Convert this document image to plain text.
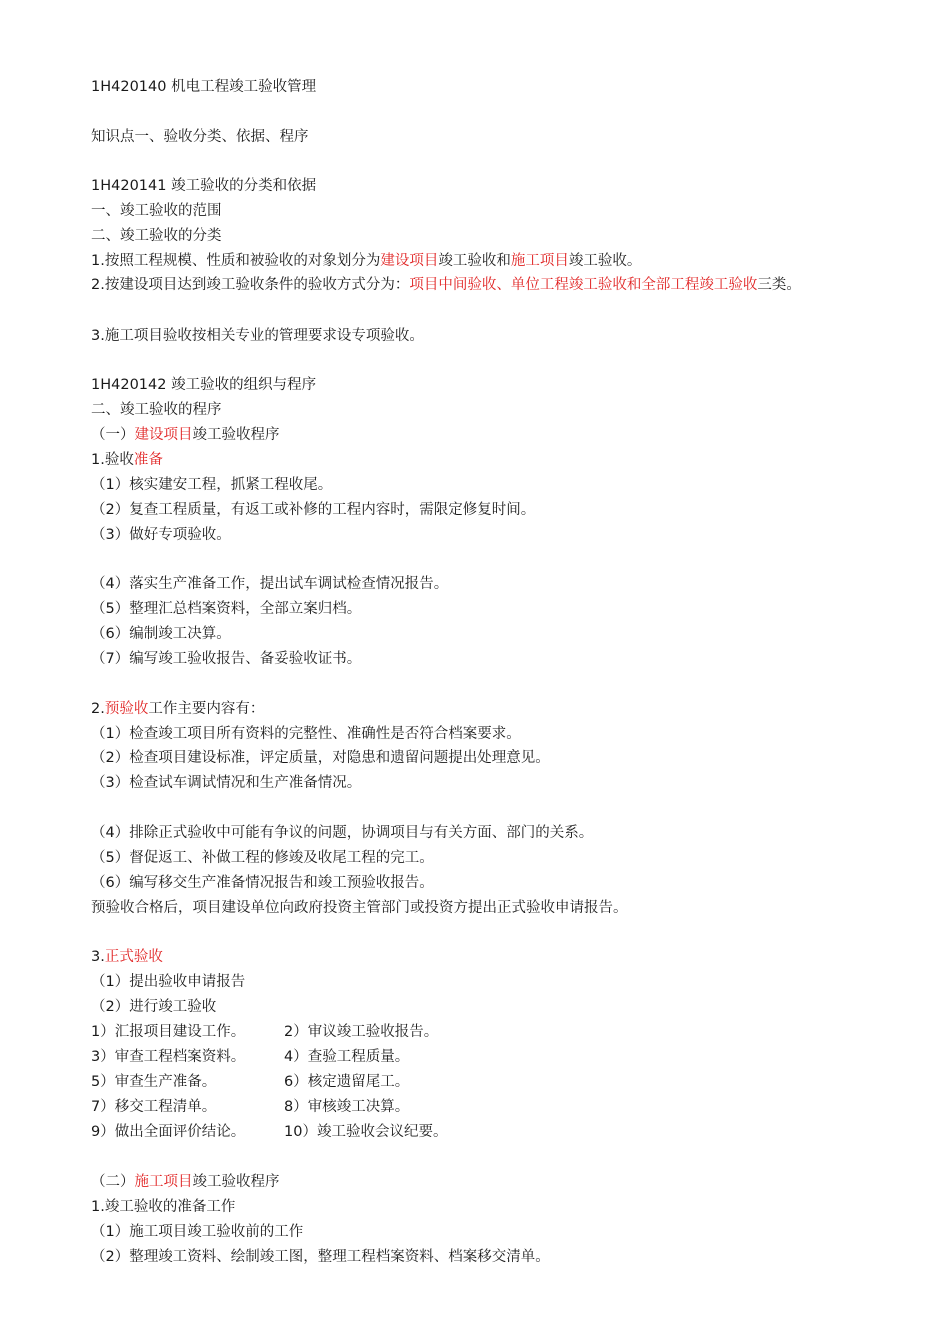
1H420140 机电工程竣工验收管理
知识点一、验收分类、依据、程序
1H420141 竣工验收的分类和依据
一、竣工验收的范围
二、竣工验收的分类
1.按照工程规模、性质和被验收的对象划分为建设项目竣工验收和施工项目竣工验收。
2.按建设项目达到竣工验收条件的验收方式分为：项目中间验收、单位工程竣工验收和全部工程竣工验收三类。
3.施工项目验收按相关专业的管理要求设专项验收。
1H420142 竣工验收的组织与程序
二、竣工验收的程序
（一）建设项目竣工验收程序
1.验收准备
（1）核实建安工程，抓紧工程收尾。
（2）复查工程质量，有返工或补修的工程内容时，需限定修复时间。
（3）做好专项验收。
（4）落实生产准备工作，提出试车调试检查情况报告。
（5）整理汇总档案资料，全部立案归档。
（6）编制竣工决算。
（7）编写竣工验收报告、备妥验收证书。
2.预验收工作主要内容有：
（1）检查竣工项目所有资料的完整性、准确性是否符合档案要求。
（2）检查项目建设标准，评定质量，对隐患和遗留问题提出处理意见。
（3）检查试车调试情况和生产准备情况。
（4）排除正式验收中可能有争议的问题，协调项目与有关方面、部门的关系。
（5）督促返工、补做工程的修竣及收尾工程的完工。
（6）编写移交生产准备情况报告和竣工预验收报告。
预验收合格后，项目建设单位向政府投资主管部门或投资方提出正式验收申请报告。
3.正式验收
（1）提出验收申请报告
（2）进行竣工验收
1）汇报项目建设工作。	2）审议竣工验收报告。
3）审查工程档案资料。	4）查验工程质量。
5）审查生产准备。	6）核定遗留尾工。
7）移交工程清单。	8）审核竣工决算。
9）做出全面评价结论。	10）竣工验收会议纪要。
（二）施工项目竣工验收程序
1.竣工验收的准备工作
（1）施工项目竣工验收前的工作
（2）整理竣工资料、绘制竣工图，整理工程档案资料、档案移交清单。
